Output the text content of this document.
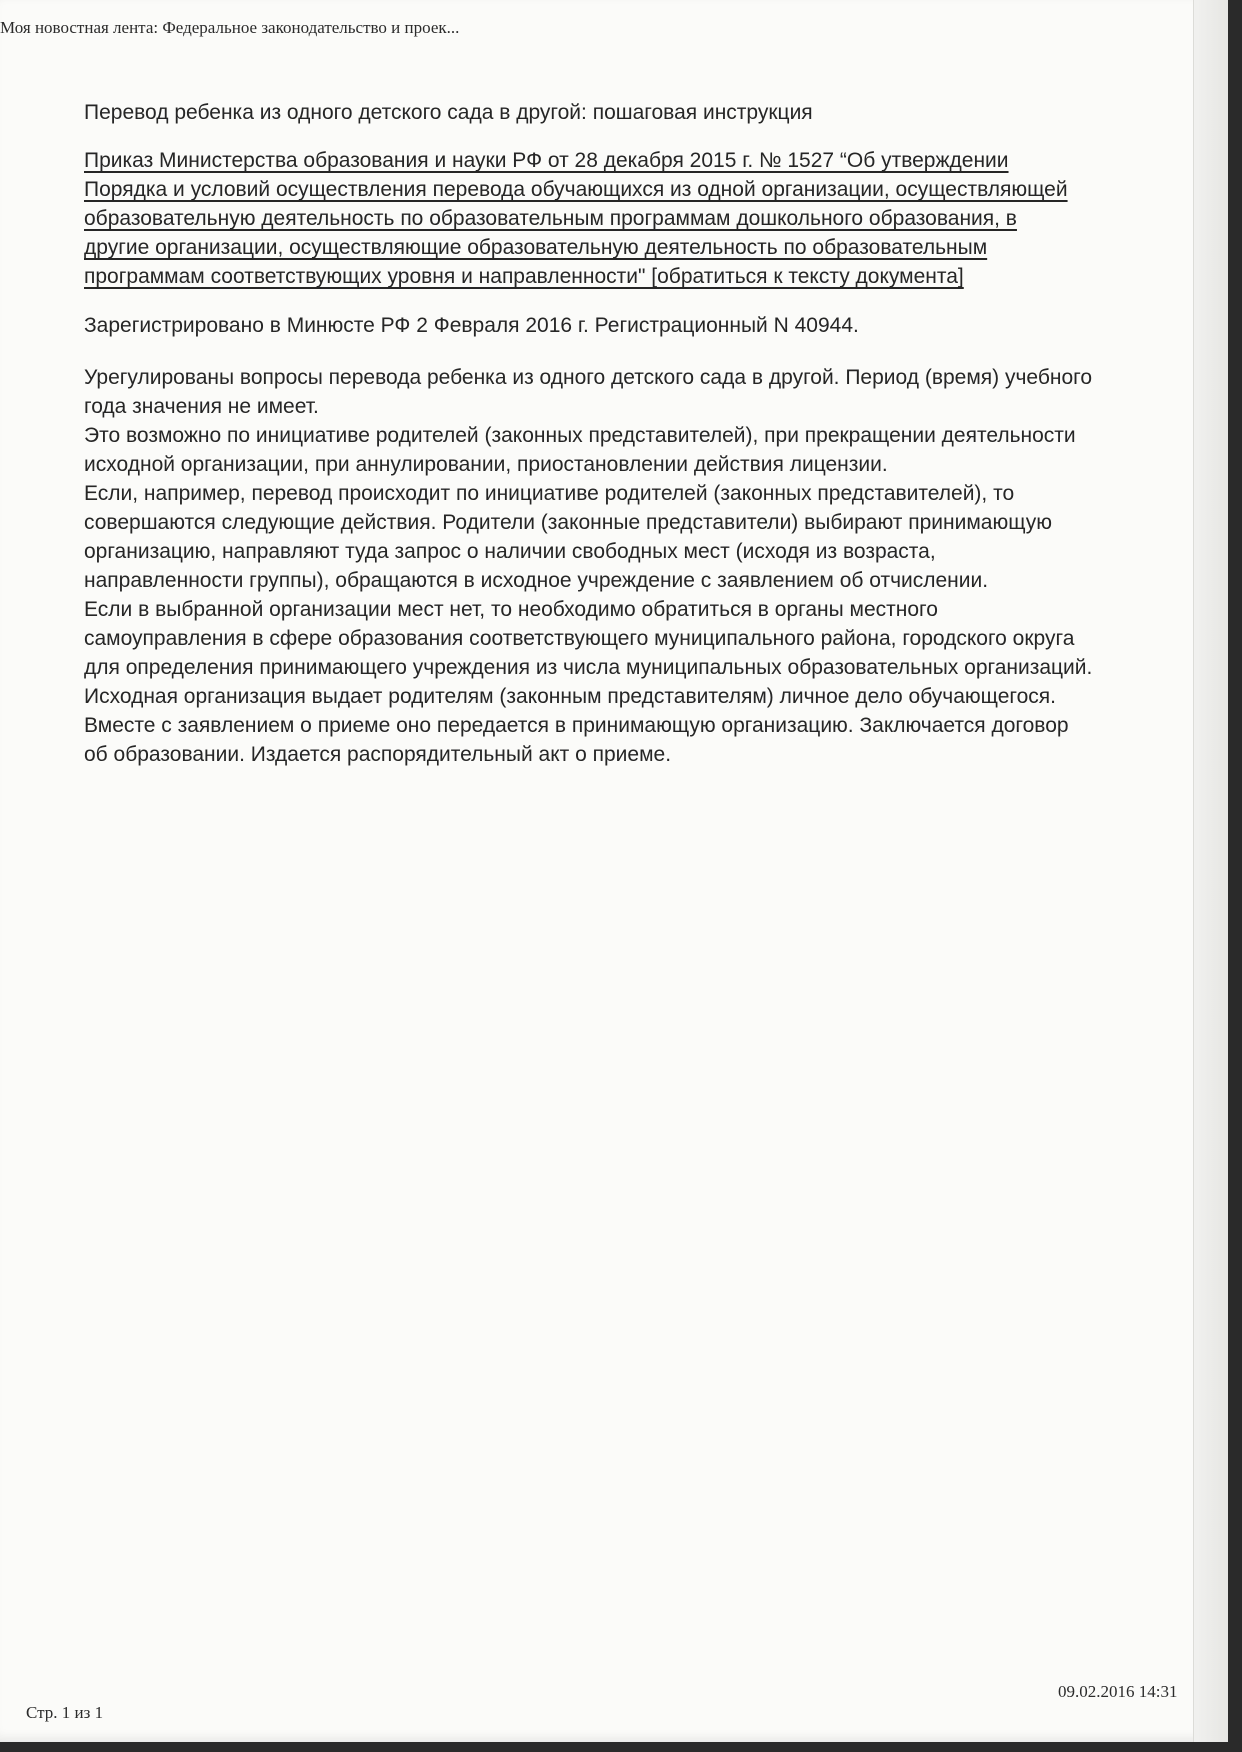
Моя новостная лента: Федеральное законодательство и проек...
Перевод ребенка из одного детского сада в другой: пошаговая инструкция

Приказ Министерства образования и науки РФ от 28 декабря 2015 г. № 1527 “Об утверждении Порядка и условий осуществления перевода обучающихся из одной организации, осуществляющей образовательную деятельность по образовательным программам дошкольного образования, в другие организации, осуществляющие образовательную деятельность по образовательным программам соответствующих уровня и направленности" [обратиться к тексту документа]

Зарегистрировано в Минюсте РФ 2 Февраля 2016 г. Регистрационный N 40944.

Урегулированы вопросы перевода ребенка из одного детского сада в другой. Период (время) учебного года значения не имеет.

Это возможно по инициативе родителей (законных представителей), при прекращении деятельности исходной организации, при аннулировании, приостановлении действия лицензии.

Если, например, перевод происходит по инициативе родителей (законных представителей), то совершаются следующие действия. Родители (законные представители) выбирают принимающую организацию, направляют туда запрос о наличии свободных мест (исходя из возраста, направленности группы), обращаются в исходное учреждение с заявлением об отчислении.

Если в выбранной организации мест нет, то необходимо обратиться в органы местного самоуправления в сфере образования соответствующего муниципального района, городского округа для определения принимающего учреждения из числа муниципальных образовательных организаций.

Исходная организация выдает родителям (законным представителям) личное дело обучающегося. Вместе с заявлением о приеме оно передается в принимающую организацию. Заключается договор об образовании. Издается распорядительный акт о приеме.

09.02.2016 14:31
Стр. 1 из 1
